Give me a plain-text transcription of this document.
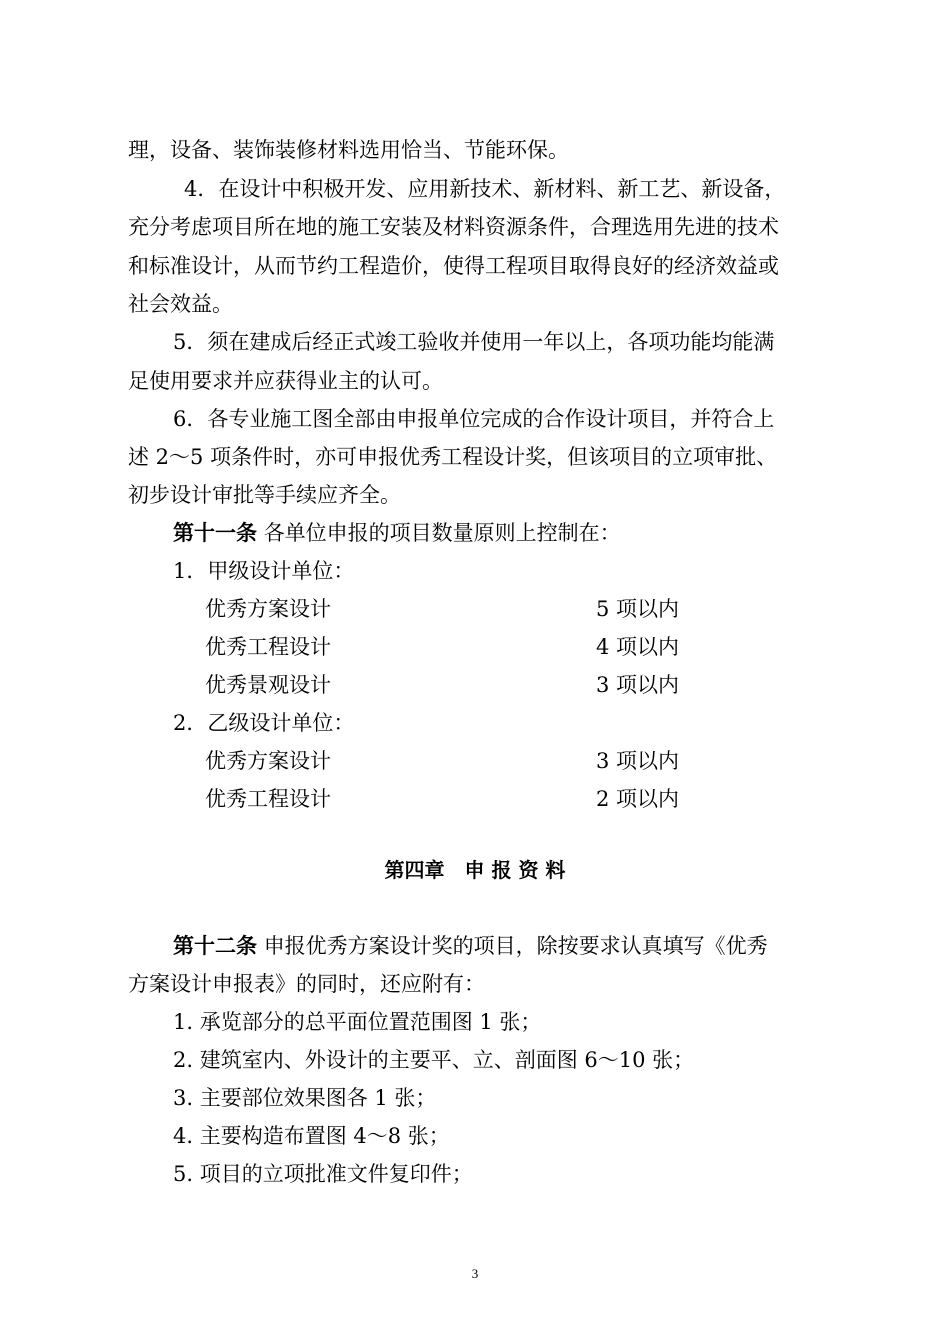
理，设备、装饰装修材料选用恰当、节能环保。
4．在设计中积极开发、应用新技术、新材料、新工艺、新设备，
充分考虑项目所在地的施工安装及材料资源条件，合理选用先进的技术
和标准设计，从而节约工程造价，使得工程项目取得良好的经济效益或
社会效益。
5．须在建成后经正式竣工验收并使用一年以上，各项功能均能满
足使用要求并应获得业主的认可。
6．各专业施工图全部由申报单位完成的合作设计项目，并符合上
述 2～5 项条件时，亦可申报优秀工程设计奖，但该项目的立项审批、
初步设计审批等手续应齐全。
第十一条 各单位申报的项目数量原则上控制在：
1．甲级设计单位：
优秀方案设计	5 项以内
优秀工程设计	4 项以内
优秀景观设计	3 项以内
2．乙级设计单位：
优秀方案设计	3 项以内
优秀工程设计	2 项以内
第四章　申 报 资 料
第十二条 申报优秀方案设计奖的项目，除按要求认真填写《优秀
方案设计申报表》的同时，还应附有：
1. 承览部分的总平面位置范围图 1 张；
2. 建筑室内、外设计的主要平、立、剖面图 6～10 张；
3. 主要部位效果图各 1 张；
4. 主要构造布置图 4～8 张；
5. 项目的立项批准文件复印件；
3
